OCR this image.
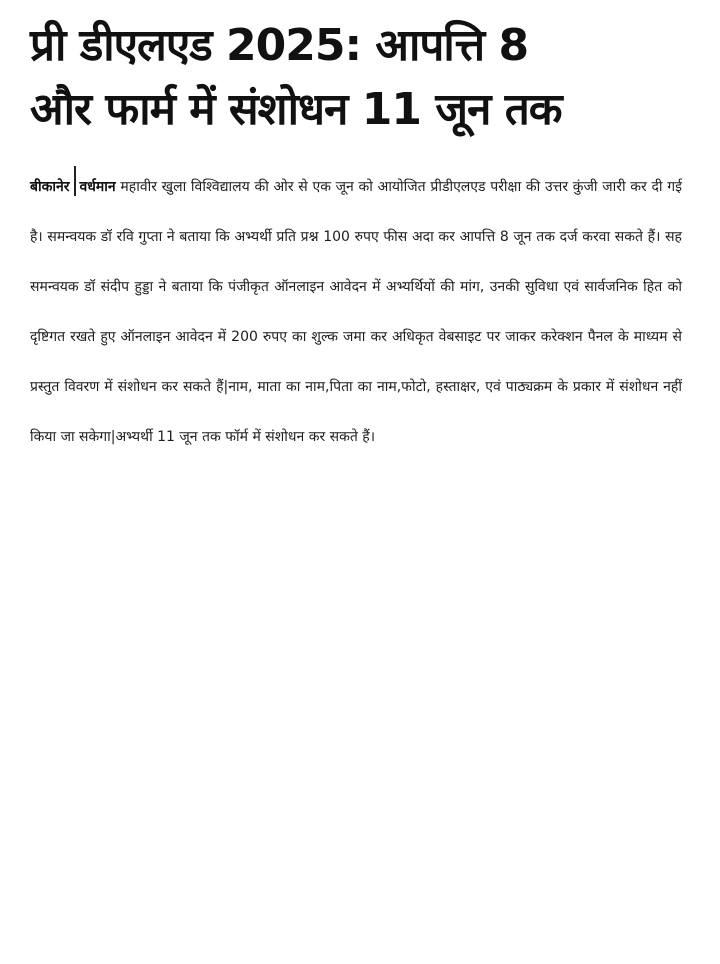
प्री डीएलएड 2025: आपत्ति 8
और फार्म में संशोधन 11 जून तक

बीकानेर वर्धमान महावीर खुला विश्विद्यालय की ओर से एक जून को आयोजित प्रीडीएलएड परीक्षा की उत्तर कुंजी जारी कर दी गई है। समन्वयक डॉ रवि गुप्ता ने बताया कि अभ्यर्थी प्रति प्रश्न 100 रुपए फीस अदा कर आपत्ति 8 जून तक दर्ज करवा सकते हैं। सह समन्वयक डॉ संदीप हुड्डा ने बताया कि पंजीकृत ऑनलाइन आवेदन में अभ्यर्थियों की मांग, उनकी सुविधा एवं सार्वजनिक हित को दृष्टिगत रखते हुए ऑनलाइन आवेदन में 200 रुपए का शुल्क जमा कर अधिकृत वेबसाइट पर जाकर करेक्शन पैनल के माध्यम से प्रस्तुत विवरण में संशोधन कर सकते हैं|नाम, माता का नाम,पिता का नाम,फोटो, हस्ताक्षर, एवं पाठ्यक्रम के प्रकार में संशोधन नहीं किया जा सकेगा|अभ्यर्थी 11 जून तक फॉर्म में संशोधन कर सकते हैं।
